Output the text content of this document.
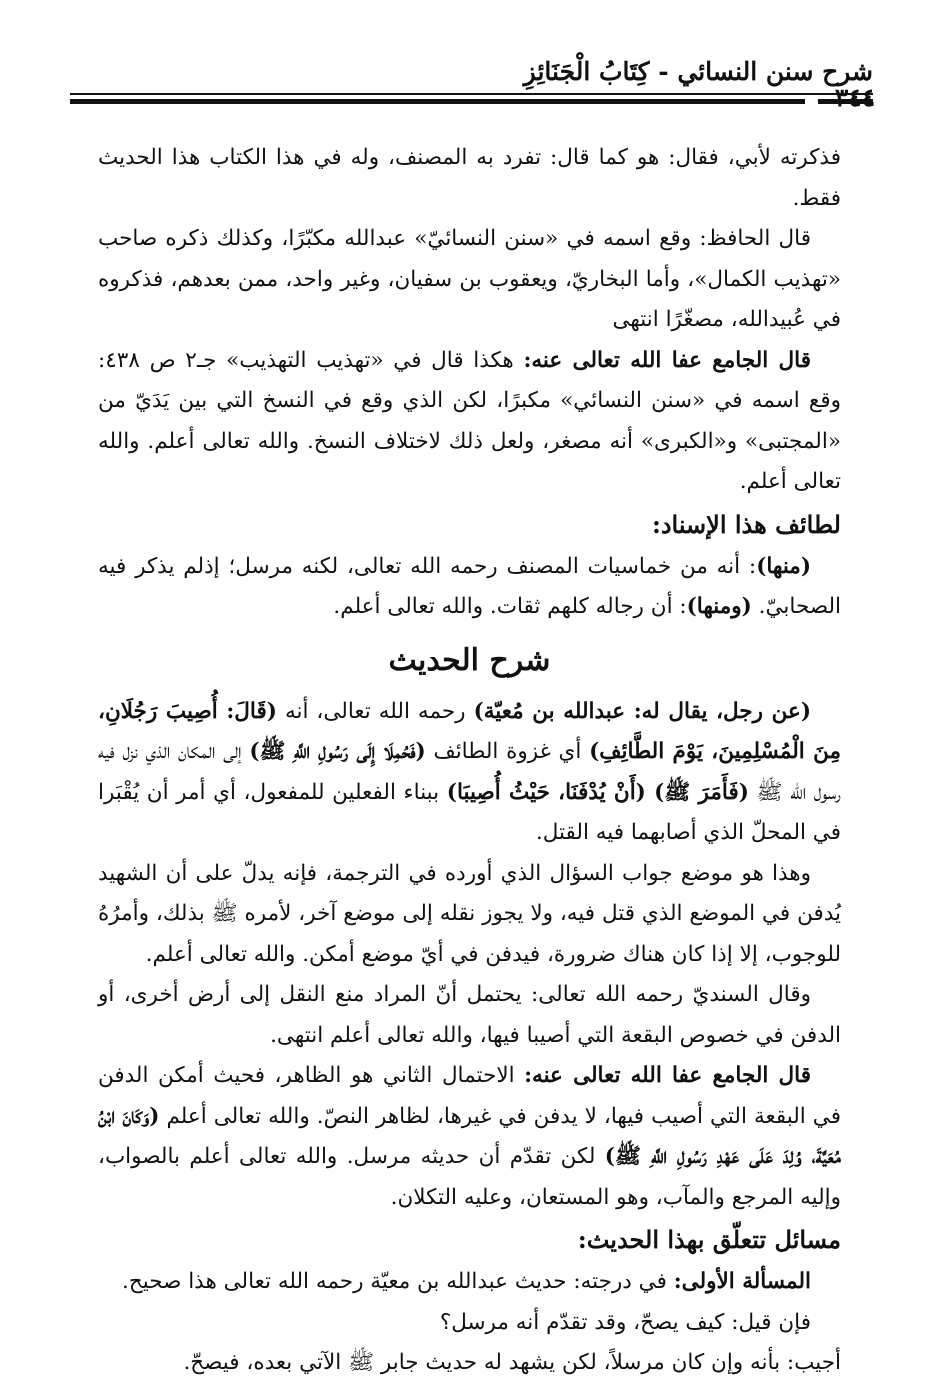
شرح سنن النسائي - كِتَابُ الْجَنَائِزِ
٣٤٤

فذكرته لأبي، فقال: هو كما قال: تفرد به المصنف، وله في هذا الكتاب هذا الحديث فقط.

قال الحافظ: وقع اسمه في «سنن النسائيّ» عبدالله مكبّرًا، وكذلك ذكره صاحب «تهذيب الكمال»، وأما البخاريّ، ويعقوب بن سفيان، وغير واحد، ممن بعدهم، فذكروه في عُبيدالله، مصغّرًا انتهى

قال الجامع عفا الله تعالى عنه: هكذا قال في «تهذيب التهذيب» جـ٢ ص ٤٣٨: وقع اسمه في «سنن النسائي» مكبرًا، لكن الذي وقع في النسخ التي بين يَدَيّ من «المجتبى» و«الكبرى» أنه مصغر، ولعل ذلك لاختلاف النسخ. والله تعالى أعلم. والله تعالى أعلم.

لطائف هذا الإسناد:

(منها): أنه من خماسيات المصنف رحمه الله تعالى، لكنه مرسل؛ إذلم يذكر فيه الصحابيّ. (ومنها): أن رجاله كلهم ثقات. والله تعالى أعلم.

شرح الحديث

(عن رجل، يقال له: عبدالله بن مُعيّة) رحمه الله تعالى، أنه (قَالَ: أُصِيبَ رَجُلَانِ، مِنَ الْمُسْلِمِينَ، يَوْمَ الطَّائِفِ) أي غزوة الطائف (فَحُمِلَا إِلَى رَسُولِ اللَّهِ ﷺ) إلى المكان الذي نزل فيه رسول الله ﷺ (فَأَمَرَ ﷺ) (أَنْ يُدْفَنَا، حَيْثُ أُصِيبَا) ببناء الفعلين للمفعول، أي أمر أن يُقْبَرا في المحلّ الذي أصابهما فيه القتل.

وهذا هو موضع جواب السؤال الذي أورده في الترجمة، فإنه يدلّ على أن الشهيد يُدفن في الموضع الذي قتل فيه، ولا يجوز نقله إلى موضع آخر، لأمره ﷺ بذلك، وأمرُهُ للوجوب، إلا إذا كان هناك ضرورة، فيدفن في أيّ موضع أمكن. والله تعالى أعلم.

وقال السنديّ رحمه الله تعالى: يحتمل أنّ المراد منع النقل إلى أرض أخرى، أو الدفن في خصوص البقعة التي أصيبا فيها، والله تعالى أعلم انتهى.

قال الجامع عفا الله تعالى عنه: الاحتمال الثاني هو الظاهر، فحيث أمكن الدفن في البقعة التي أصيب فيها، لا يدفن في غيرها، لظاهر النصّ. والله تعالى أعلم (وَكَانَ ابْنُ مُعَيَّةَ، وُلِدَ عَلَى عَهْدِ رَسُولِ اللَّهِ ﷺ) لكن تقدّم أن حديثه مرسل. والله تعالى أعلم بالصواب، وإليه المرجع والمآب، وهو المستعان، وعليه التكلان.

مسائل تتعلّق بهذا الحديث:

المسألة الأولى: في درجته: حديث عبدالله بن معيّة رحمه الله تعالى هذا صحيح.

فإن قيل: كيف يصحّ، وقد تقدّم أنه مرسل؟

أجيب: بأنه وإن كان مرسلاً، لكن يشهد له حديث جابر ﷺ الآتي بعده، فيصحّ.
